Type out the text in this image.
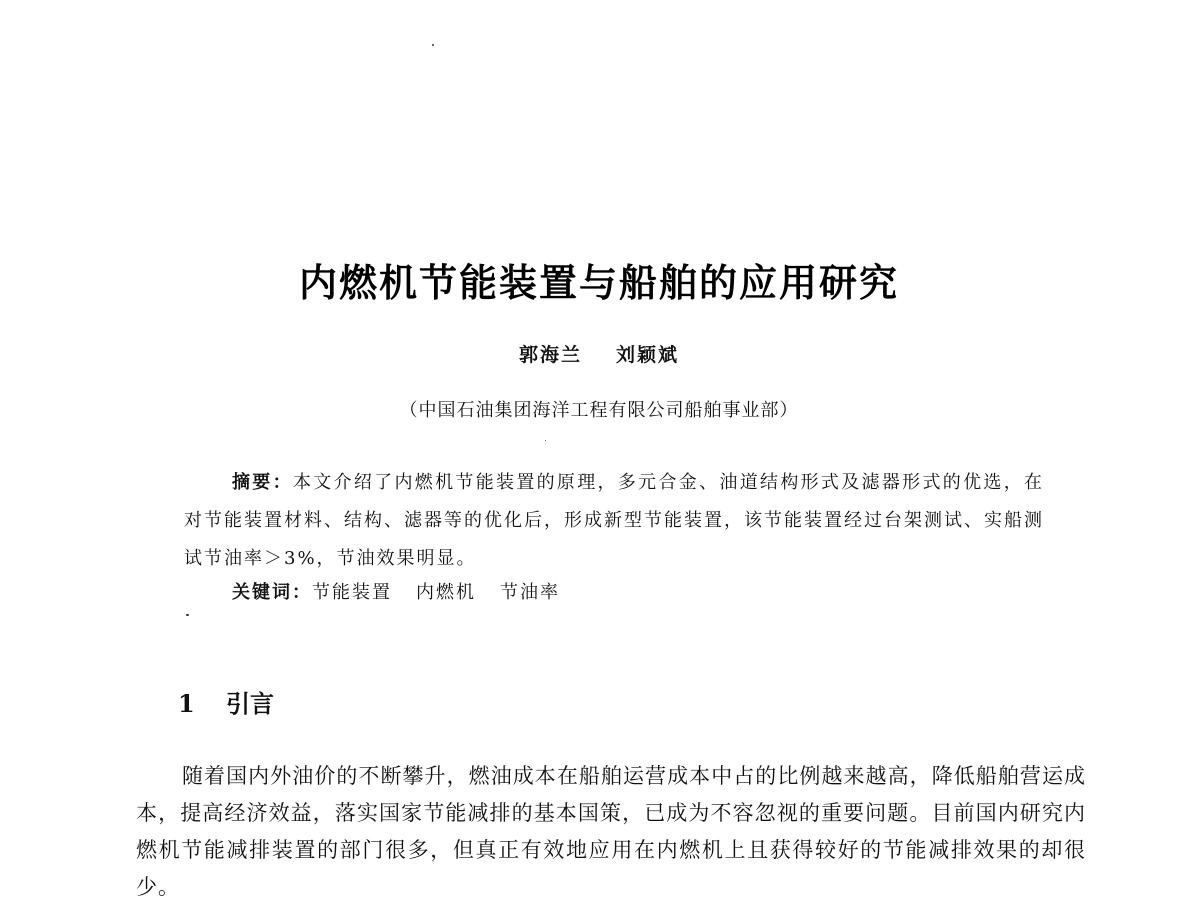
内燃机节能装置与船舶的应用研究
郭海兰 刘颖斌
（中国石油集团海洋工程有限公司船舶事业部）
摘要：本文介绍了内燃机节能装置的原理，多元合金、油道结构形式及滤器形式的优选，在对节能装置材料、结构、滤器等的优化后，形成新型节能装置，该节能装置经过台架测试、实船测试节油率＞3%，节油效果明显。
关键词：节能装置 内燃机 节油率
1 引言
随着国内外油价的不断攀升，燃油成本在船舶运营成本中占的比例越来越高，降低船舶营运成本，提高经济效益，落实国家节能减排的基本国策，已成为不容忽视的重要问题。目前国内研究内燃机节能减排装置的部门很多，但真正有效地应用在内燃机上且获得较好的节能减排效果的却很少。
